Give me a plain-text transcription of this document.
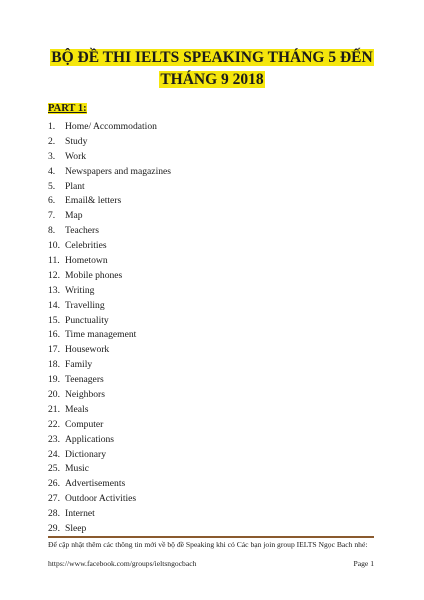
BỘ ĐỀ THI IELTS SPEAKING THÁNG 5 ĐẾN
THÁNG 9 2018
PART 1:
1. Home/ Accommodation
2. Study
3. Work
4. Newspapers and magazines
5. Plant
6. Email& letters
7. Map
8. Teachers
10. Celebrities
11. Hometown
12. Mobile phones
13. Writing
14. Travelling
15. Punctuality
16. Time management
17. Housework
18. Family
19. Teenagers
20. Neighbors
21. Meals
22. Computer
23. Applications
24. Dictionary
25. Music
26. Advertisements
27. Outdoor Activities
28. Internet
29. Sleep
Để cập nhật thêm các thông tin mới về bộ đề Speaking khi có Các bạn join group IELTS Ngọc Bach nhé:
https://www.facebook.com/groups/ieltsngocbach	Page 1
